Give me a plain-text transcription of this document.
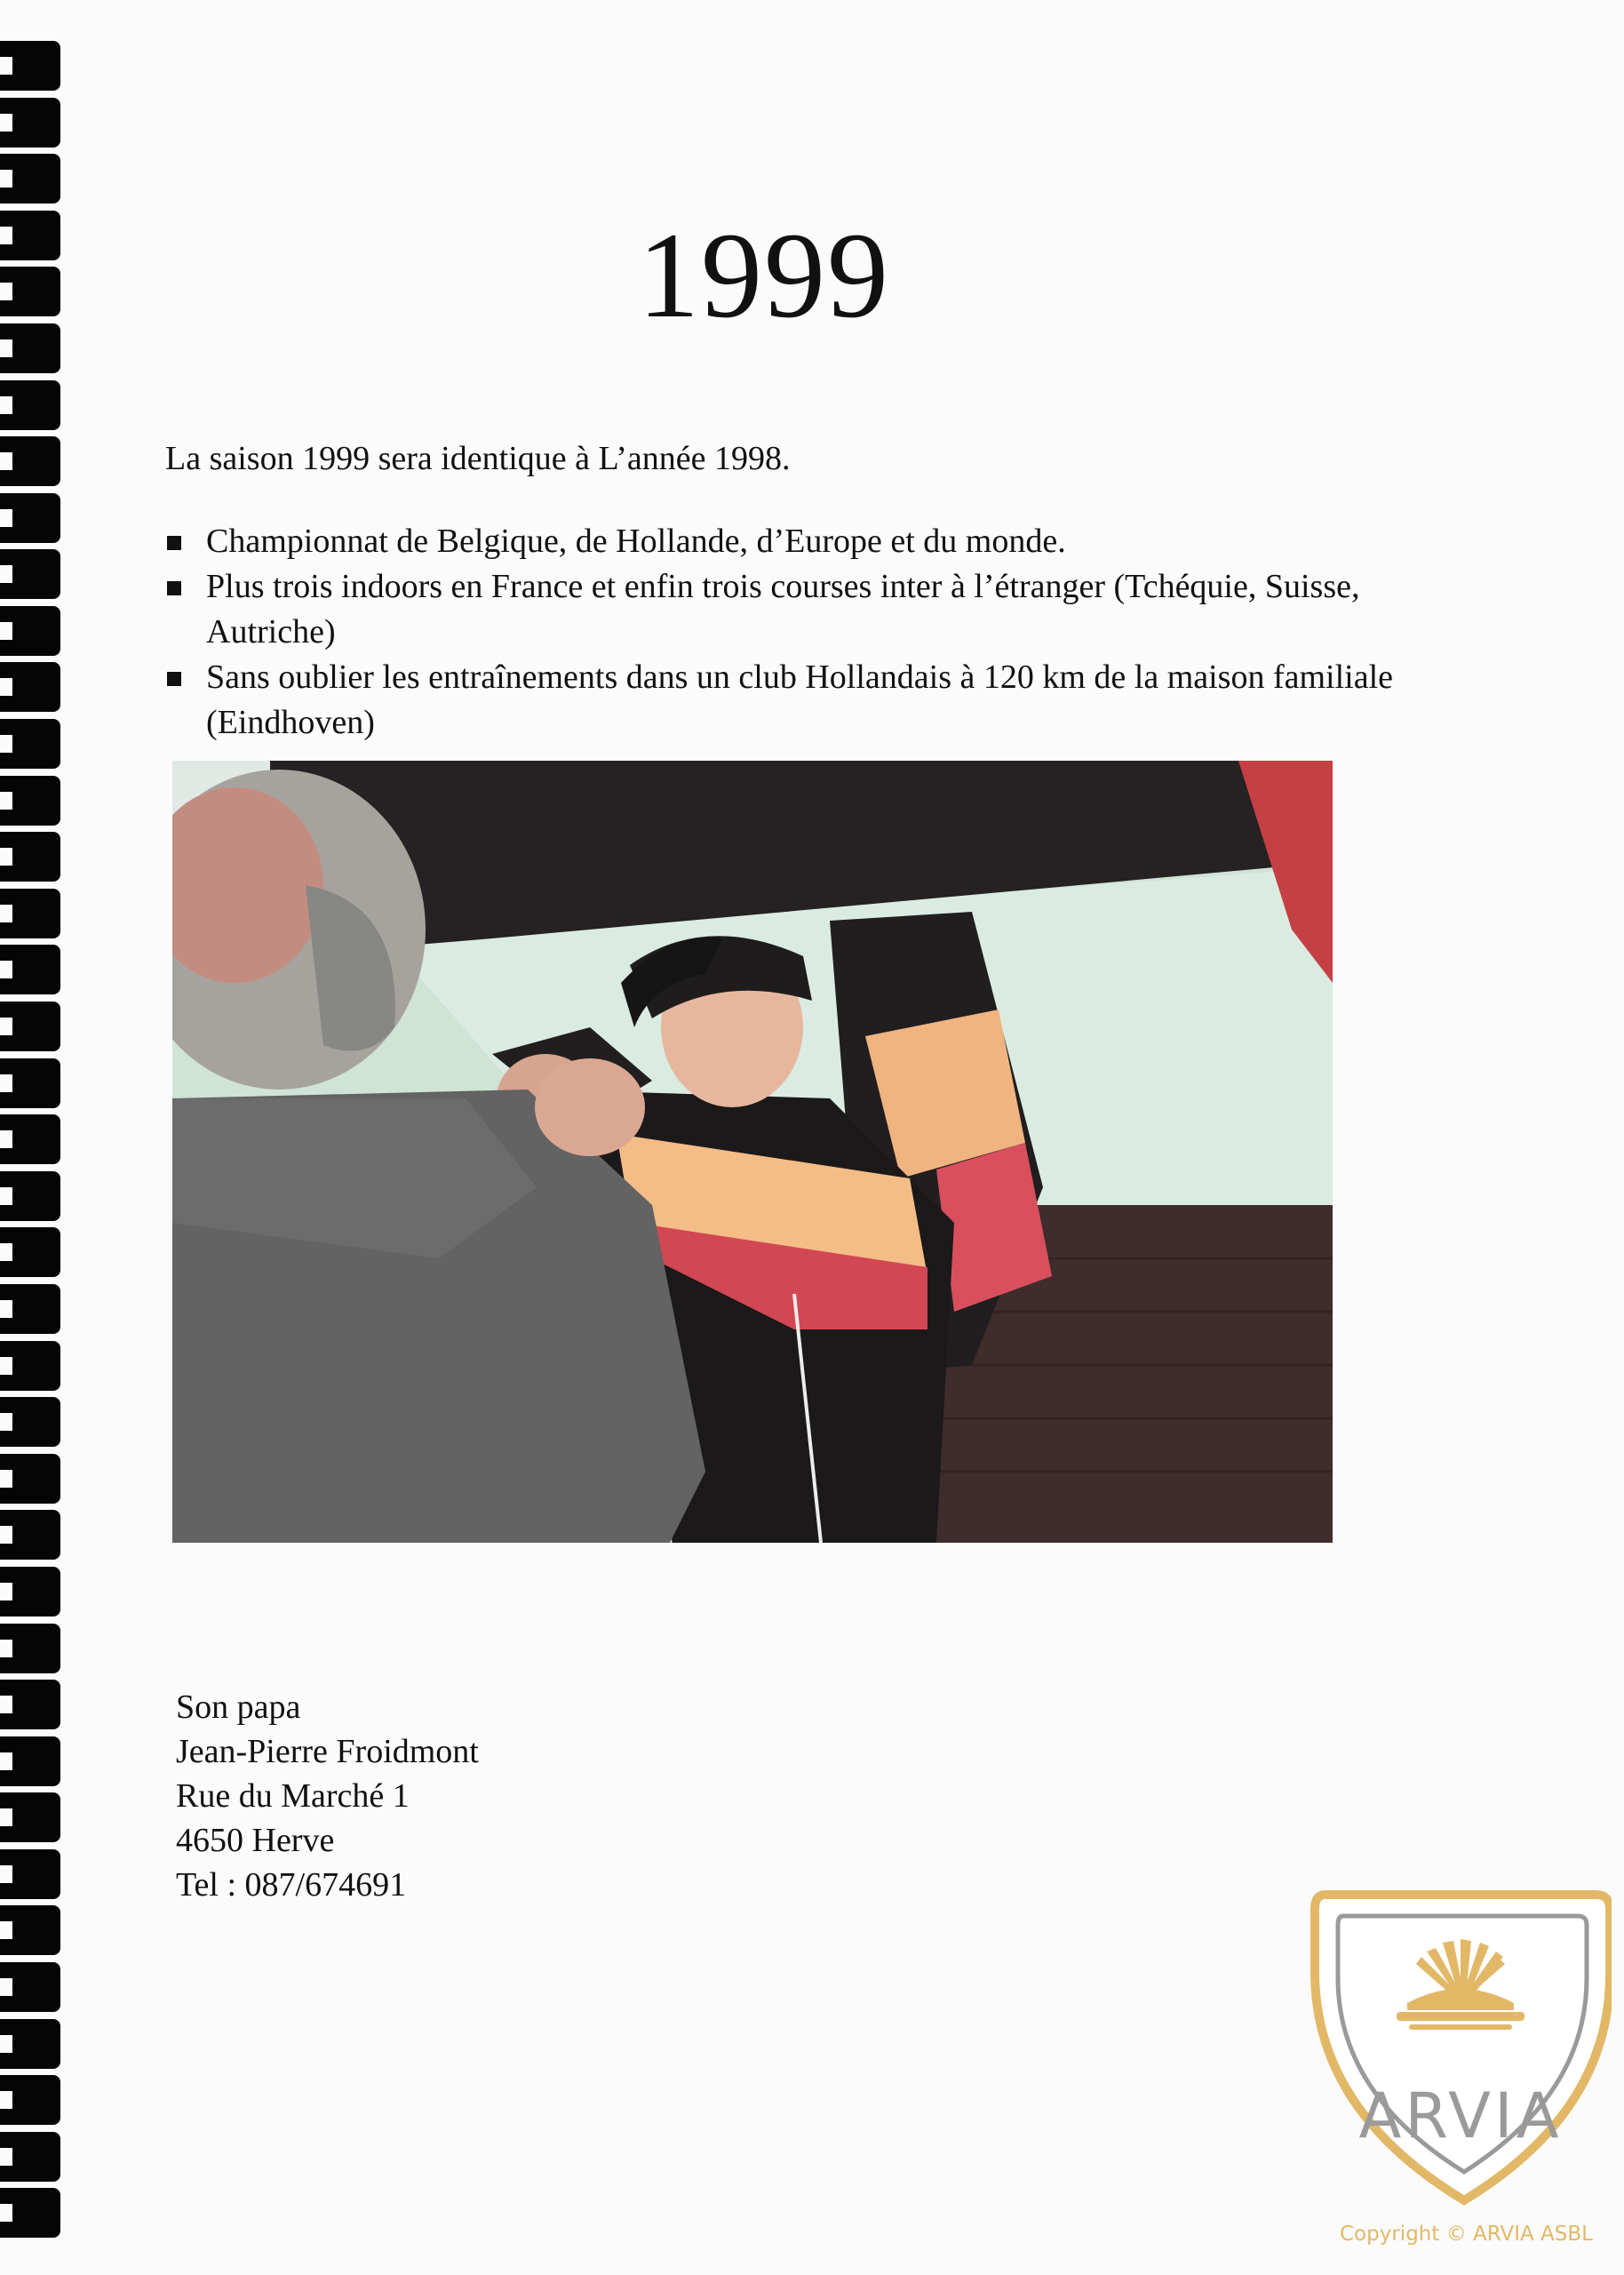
1999
La saison 1999 sera identique à L’année 1998.
Championnat de Belgique, de Hollande, d’Europe et du monde.
Plus trois indoors en France et enfin trois courses inter à l’étranger (Tchéquie, Suisse, Autriche)
Sans oublier les entraînements dans un club Hollandais à 120 km de la maison familiale (Eindhoven)
Son papa
Jean-Pierre Froidmont
Rue du Marché 1
4650 Herve
Tel : 087/674691
ARVIA
Copyright © ARVIA ASBL
